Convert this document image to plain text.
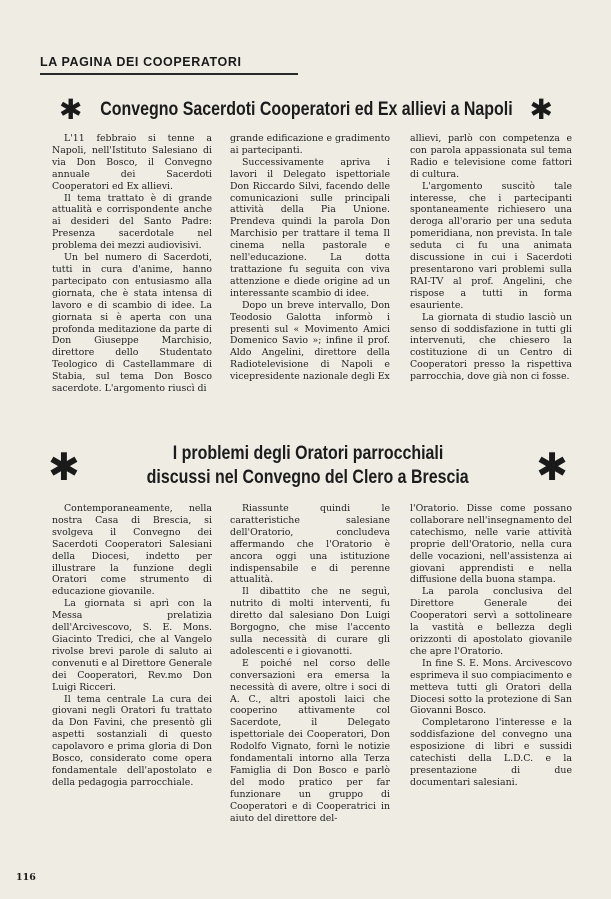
LA PAGINA DEI COOPERATORI
✱ Convegno Sacerdoti Cooperatori ed Ex allievi a Napoli ✱

L'11 febbraio si tenne a Napoli, nell'Istituto Salesiano di via Don Bosco, il Convegno annuale dei Sacerdoti Cooperatori ed Ex allievi.

Il tema trattato è di grande attualità e corrispondente anche ai desideri del Santo Padre: Presenza sacerdotale nel problema dei mezzi audiovisivi.

Un bel numero di Sacerdoti, tutti in cura d'anime, hanno partecipato con entusiasmo alla giornata, che è stata intensa di lavoro e di scambio di idee. La giornata si è aperta con una profonda meditazione da parte di Don Giuseppe Marchisio, direttore dello Studentato Teologico di Castellammare di Stabia, sul tema Don Bosco sacerdote. L'argomento riuscì di

grande edificazione e gradimento ai partecipanti.

Successivamente apriva i lavori il Delegato ispettoriale Don Riccardo Silvi, facendo delle comunicazioni sulle principali attività della Pia Unione. Prendeva quindi la parola Don Marchisio per trattare il tema Il cinema nella pastorale e nell'educazione. La dotta trattazione fu seguita con viva attenzione e diede origine ad un interessante scambio di idee.

Dopo un breve intervallo, Don Teodosio Galotta informò i presenti sul « Movimento Amici Domenico Savio »; infine il prof. Aldo Angelini, direttore della Radiotelevisione di Napoli e vicepresidente nazionale degli Ex

allievi, parlò con competenza e con parola appassionata sul tema Radio e televisione come fattori di cultura.

L'argomento suscitò tale interesse, che i partecipanti spontaneamente richiesero una deroga all'orario per una seduta pomeridiana, non prevista. In tale seduta ci fu una animata discussione in cui i Sacerdoti presentarono vari problemi sulla RAI-TV al prof. Angelini, che rispose a tutti in forma esauriente.

La giornata di studio lasciò un senso di soddisfazione in tutti gli intervenuti, che chiesero la costituzione di un Centro di Cooperatori presso la rispettiva parrocchia, dove già non ci fosse.

✱	I problemi degli Oratori parrocchiali
discussi nel Convegno del Clero a Brescia	✱

Contemporaneamente, nella nostra Casa di Brescia, si svolgeva il Convegno dei Sacerdoti Cooperatori Salesiani della Diocesi, indetto per illustrare la funzione degli Oratori come strumento di educazione giovanile.

La giornata si aprì con la Messa prelatizia dell'Arcivescovo, S. E. Mons. Giacinto Tredici, che al Vangelo rivolse brevi parole di saluto ai convenuti e al Direttore Generale dei Cooperatori, Rev.mo Don Luigi Ricceri.

Il tema centrale La cura dei giovani negli Oratori fu trattato da Don Favini, che presentò gli aspetti sostanziali di questo capolavoro e prima gloria di Don Bosco, considerato come opera fondamentale dell'apostolato e della pedagogia parrocchiale.

Riassunte quindi le caratteristiche salesiane dell'Oratorio, concludeva affermando che l'Oratorio è ancora oggi una istituzione indispensabile e di perenne attualità.

Il dibattito che ne seguì, nutrito di molti interventi, fu diretto dal salesiano Don Luigi Borgogno, che mise l'accento sulla necessità di curare gli adolescenti e i giovanotti.

E poiché nel corso delle conversazioni era emersa la necessità di avere, oltre i soci di A. C., altri apostoli laici che cooperino attivamente col Sacerdote, il Delegato ispettoriale dei Cooperatori, Don Rodolfo Vignato, fornì le notizie fondamentali intorno alla Terza Famiglia di Don Bosco e parlò del modo pratico per far funzionare un gruppo di Cooperatori e di Cooperatrici in aiuto del direttore del-

l'Oratorio. Disse come possano collaborare nell'insegnamento del catechismo, nelle varie attività proprie dell'Oratorio, nella cura delle vocazioni, nell'assistenza ai giovani apprendisti e nella diffusione della buona stampa.

La parola conclusiva del Direttore Generale dei Cooperatori servì a sottolineare la vastità e bellezza degli orizzonti di apostolato giovanile che apre l'Oratorio.

In fine S. E. Mons. Arcivescovo esprimeva il suo compiacimento e metteva tutti gli Oratori della Diocesi sotto la protezione di San Giovanni Bosco.

Completarono l'interesse e la soddisfazione del convegno una esposizione di libri e sussidi catechisti della L.D.C. e la presentazione di due documentari salesiani.

116
